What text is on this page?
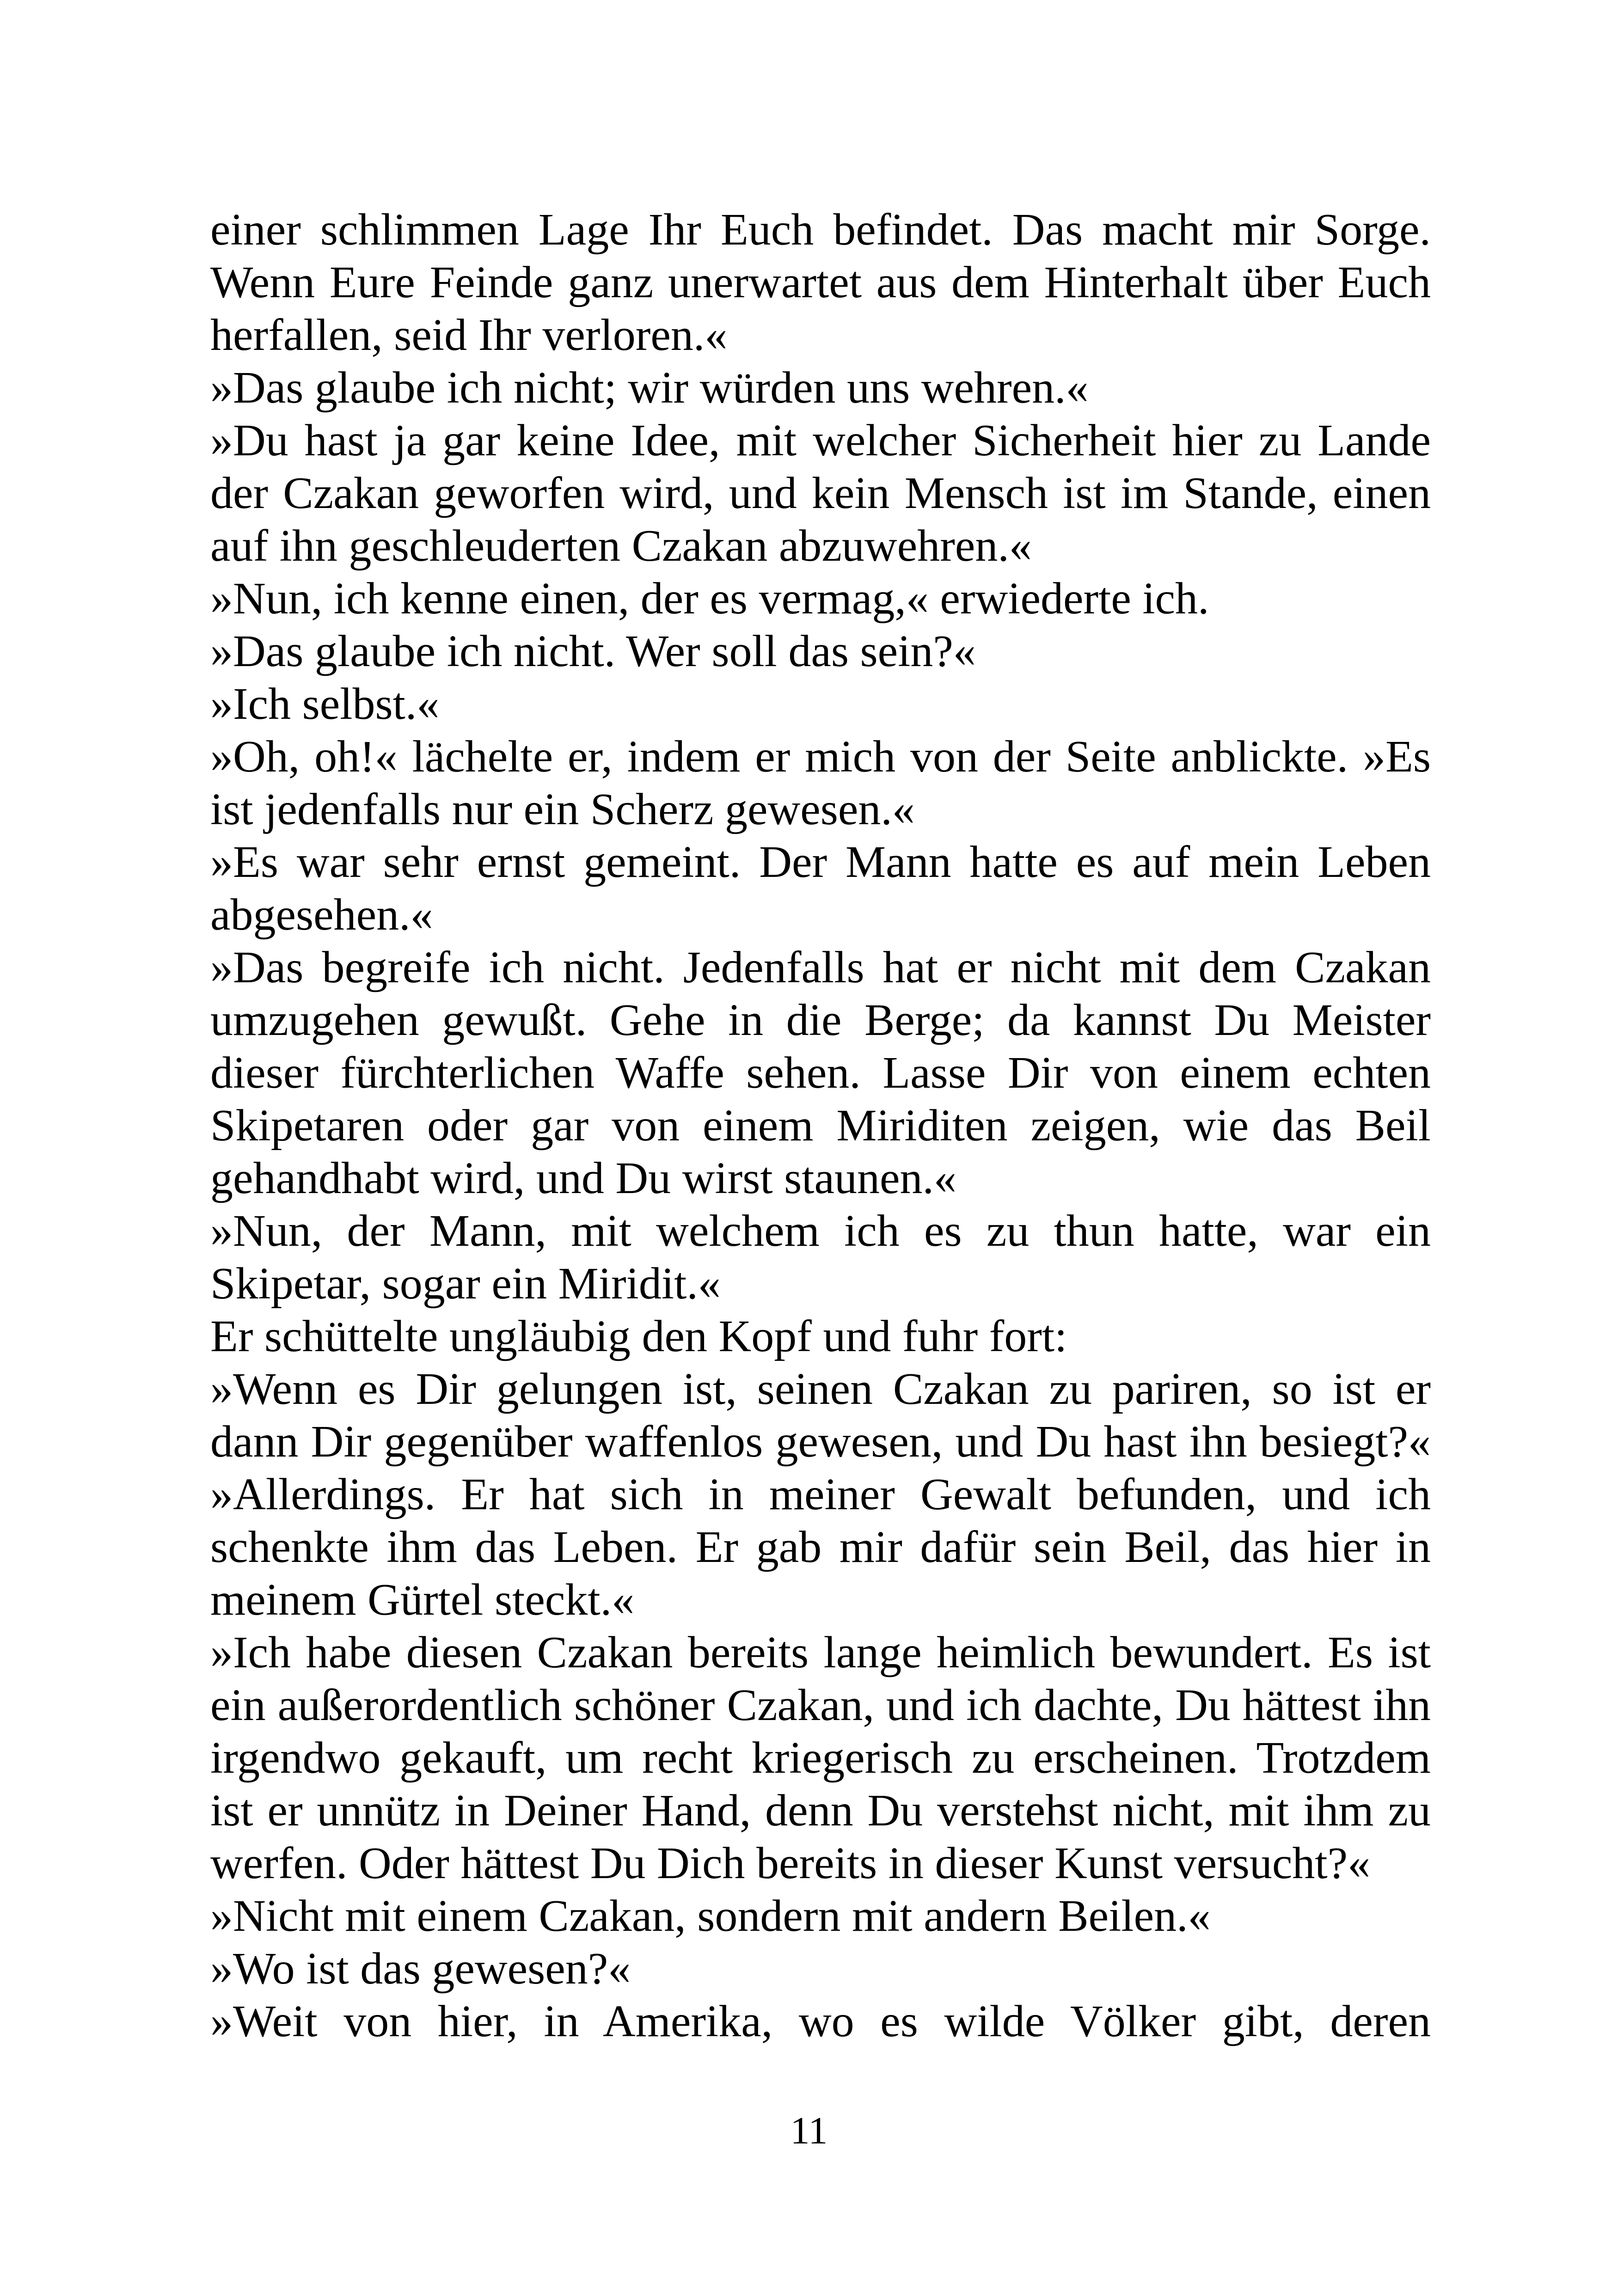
einer schlimmen Lage Ihr Euch befindet. Das macht mir Sorge.
Wenn Eure Feinde ganz unerwartet aus dem Hinterhalt über Euch
herfallen, seid Ihr verloren.«
»Das glaube ich nicht; wir würden uns wehren.«
»Du hast ja gar keine Idee, mit welcher Sicherheit hier zu Lande
der Czakan geworfen wird, und kein Mensch ist im Stande, einen
auf ihn geschleuderten Czakan abzuwehren.«
»Nun, ich kenne einen, der es vermag,« erwiederte ich.
»Das glaube ich nicht. Wer soll das sein?«
»Ich selbst.«
»Oh, oh!« lächelte er, indem er mich von der Seite anblickte. »Es
ist jedenfalls nur ein Scherz gewesen.«
»Es war sehr ernst gemeint. Der Mann hatte es auf mein Leben
abgesehen.«
»Das begreife ich nicht. Jedenfalls hat er nicht mit dem Czakan
umzugehen gewußt. Gehe in die Berge; da kannst Du Meister
dieser fürchterlichen Waffe sehen. Lasse Dir von einem echten
Skipetaren oder gar von einem Miriditen zeigen, wie das Beil
gehandhabt wird, und Du wirst staunen.«
»Nun, der Mann, mit welchem ich es zu thun hatte, war ein
Skipetar, sogar ein Miridit.«
Er schüttelte ungläubig den Kopf und fuhr fort:
»Wenn es Dir gelungen ist, seinen Czakan zu pariren, so ist er
dann Dir gegenüber waffenlos gewesen, und Du hast ihn besiegt?«
»Allerdings. Er hat sich in meiner Gewalt befunden, und ich
schenkte ihm das Leben. Er gab mir dafür sein Beil, das hier in
meinem Gürtel steckt.«
»Ich habe diesen Czakan bereits lange heimlich bewundert. Es ist
ein außerordentlich schöner Czakan, und ich dachte, Du hättest ihn
irgendwo gekauft, um recht kriegerisch zu erscheinen. Trotzdem
ist er unnütz in Deiner Hand, denn Du verstehst nicht, mit ihm zu
werfen. Oder hättest Du Dich bereits in dieser Kunst versucht?«
»Nicht mit einem Czakan, sondern mit andern Beilen.«
»Wo ist das gewesen?«
»Weit von hier, in Amerika, wo es wilde Völker gibt, deren
11
